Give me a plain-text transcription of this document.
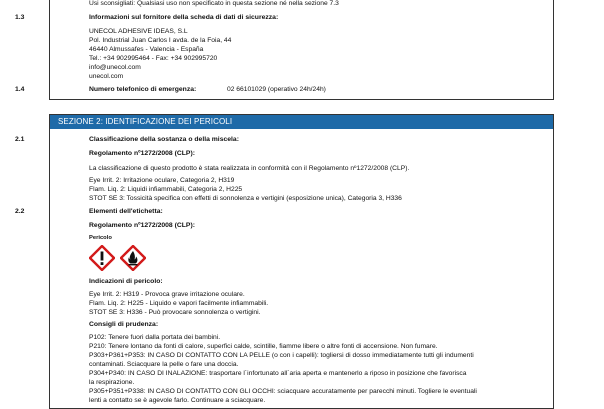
Usi sconsigliati: Qualsiasi uso non specificato in questa sezione né nella sezione 7.3
1.3	Informazioni sul fornitore della scheda di dati di sicurezza:
UNECOL ADHESIVE IDEAS, S.L
Pol. Industrial Juan Carlos I avda. de la Foia, 44
46440 Almussafes - Valencia - España
Tel.: +34 902995464 - Fax: +34 902995720
info@unecol.com
unecol.com
1.4	Numero telefonico di emergenza:	02 66101029 (operativo 24h/24h)
SEZIONE 2: IDENTIFICAZIONE DEI PERICOLI
2.1	Classificazione della sostanza o della miscela:
Regolamento nº1272/2008 (CLP):
La classificazione di questo prodotto è stata realizzata in conformità con il Regolamento nº1272/2008 (CLP).
Eye Irrit. 2: Irritazione oculare, Categoria 2, H319
Flam. Liq. 2: Liquidi infiammabili, Categoria 2, H225
STOT SE 3: Tossicità specifica con effetti di sonnolenza e vertigini (esposizione unica), Categoria 3, H336
2.2	Elementi dell'etichetta:
Regolamento nº1272/2008 (CLP):
Pericolo
Indicazioni di pericolo:
Eye Irrit. 2: H319 - Provoca grave irritazione oculare.
Flam. Liq. 2: H225 - Liquido e vapori facilmente infiammabili.
STOT SE 3: H336 - Può provocare sonnolenza o vertigini.
Consigli di prudenza:
P102: Tenere fuori dalla portata dei bambini.
P210: Tenere lontano da fonti di calore, superfici calde, scintille, fiamme libere o altre fonti di accensione. Non fumare.
P303+P361+P353: IN CASO DI CONTATTO CON LA PELLE (o con i capelli): togliersi di dosso immediatamente tutti gli indumenti
contaminati. Sciacquare la pelle o fare una doccia.
P304+P340: IN CASO DI INALAZIONE: trasportare l´infortunato all´aria aperta e mantenerlo a riposo in posizione che favorisca
la respirazione.
P305+P351+P338: IN CASO DI CONTATTO CON GLI OCCHI: sciacquare accuratamente per parecchi minuti. Togliere le eventuali
lenti a contatto se è agevole farlo. Continuare a sciacquare.
